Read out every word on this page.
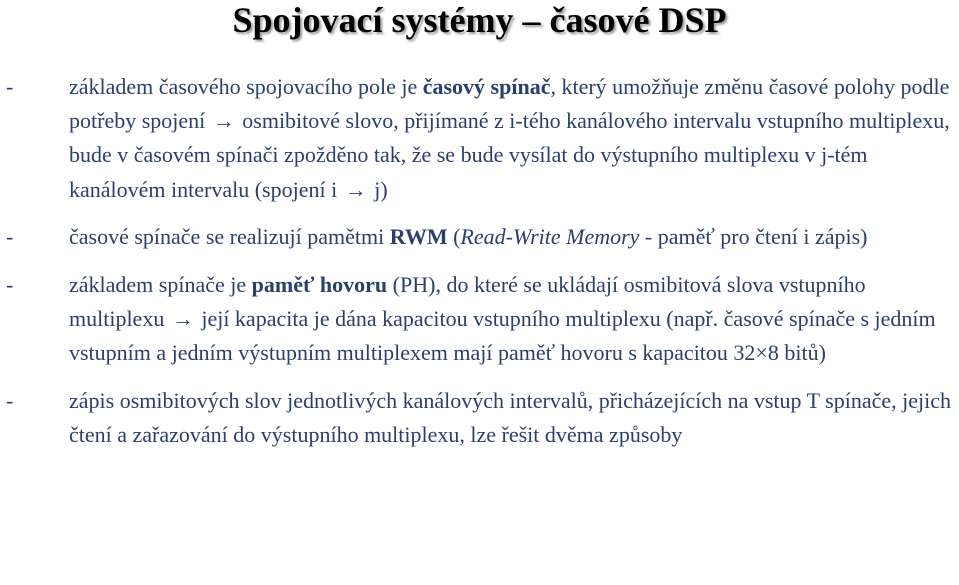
Spojovací systémy – časové DSP
-	základem časového spojovacího pole je časový spínač, který umožňuje změnu časové polohy podle potřeby spojení → osmibitové slovo, přijímané z i-tého kanálového intervalu vstupního multiplexu, bude v časovém spínači zpožděno tak, že se bude vysílat do výstupního multiplexu v j-tém kanálovém intervalu (spojení i → j)
-	časové spínače se realizují pamětmi RWM (Read-Write Memory - paměť pro čtení i zápis)
-	základem spínače je paměť hovoru (PH), do které se ukládají osmibitová slova vstupního multiplexu → její kapacita je dána kapacitou vstupního multiplexu (např. časové spínače s jedním vstupním a jedním výstupním multiplexem mají paměť hovoru s kapacitou 32×8 bitů)
-	zápis osmibitových slov jednotlivých kanálových intervalů, přicházejících na vstup T spínače, jejich čtení a zařazování do výstupního multiplexu, lze řešit dvěma způsoby
